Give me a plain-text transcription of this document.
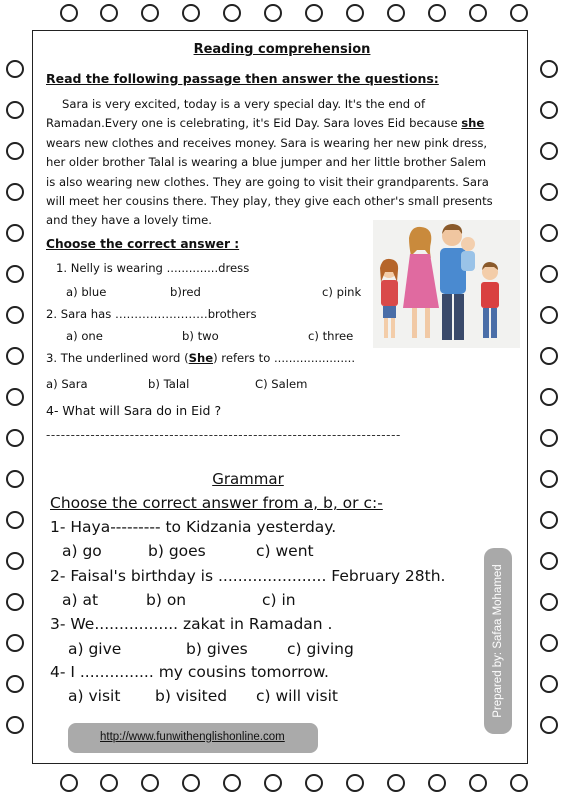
Reading comprehension
Read the following passage then answer the questions:
Sara is very excited, today is a very special day. It's the end of
Ramadan.Every one is celebrating, it's Eid Day. Sara loves Eid because she
wears new clothes and receives money. Sara is wearing her new pink dress,
her older brother Talal is wearing a blue jumper and her little brother Salem
is also wearing new clothes. They are going to visit their grandparents. Sara
will meet her cousins there. They play, they give each other's small presents
and they have a lovely time.
Choose the correct answer :
1. Nelly is wearing ..............dress
a) blue	b)red	c) pink
2. Sara has ……………………brothers
a) one	b) two	c) three
3. The underlined word (She) refers to ......................
a) Sara	b) Talal	C) Salem
4- What will Sara do in Eid ?
------------------------------------------------------------------------
Grammar
Choose the correct answer from a, b, or c:-
1- Haya--------- to Kidzania yesterday.
a) go	b) goes	c) went
2- Faisal's birthday is ...................... February 28th.
a) at	b) on	c) in
3- We................. zakat in Ramadan .
a) give	b) gives	c) giving
4- I ............... my cousins tomorrow.
a) visit b) visited c) will visit	Prepared by: Safaa Mohamed
http://www.funwithenglishonline.com
